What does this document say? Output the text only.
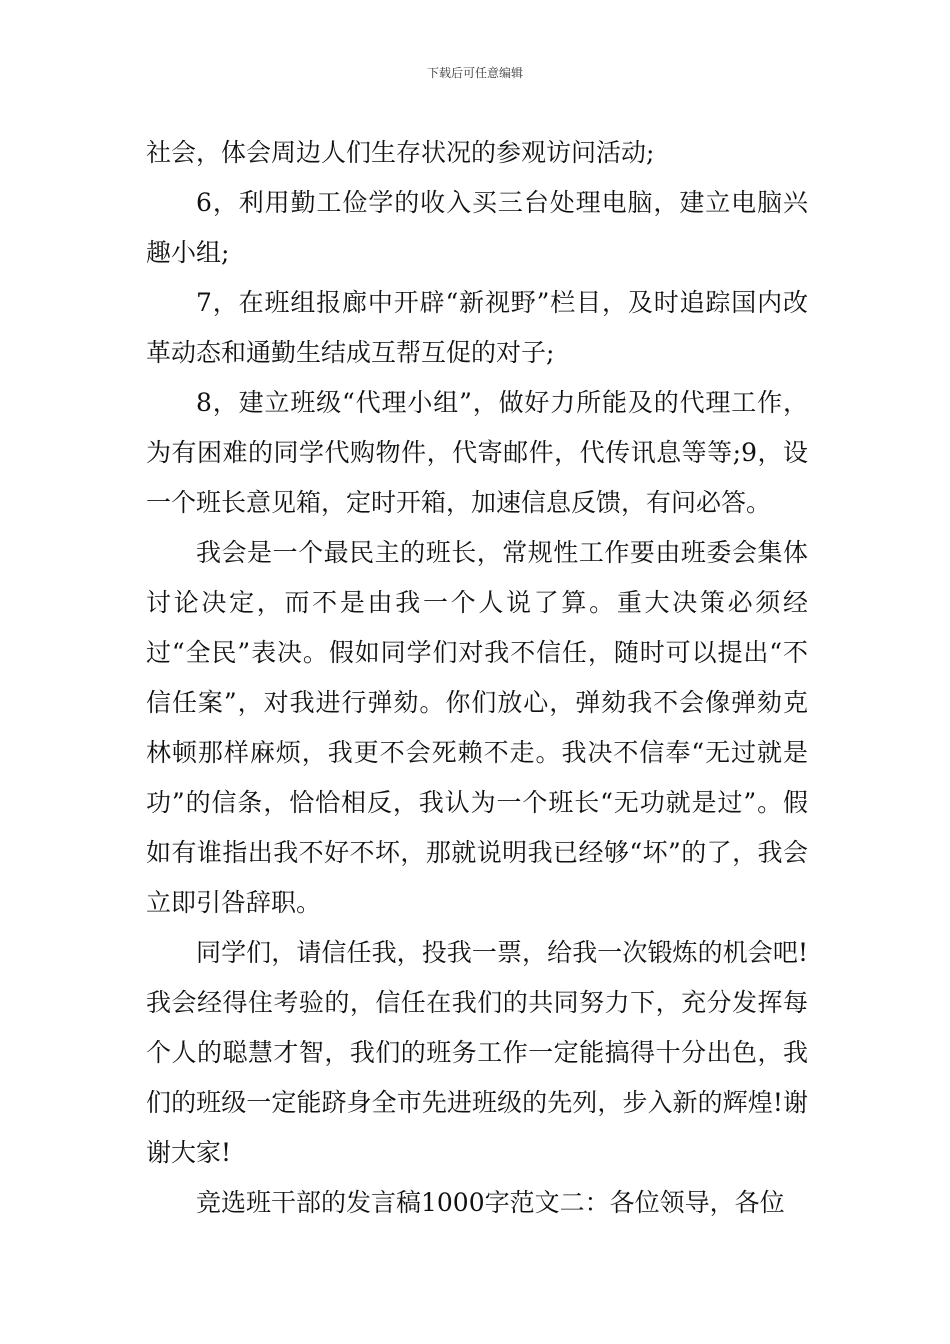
下载后可任意编辑

社会，体会周边人们生存状况的参观访问活动;

6，利用勤工俭学的收入买三台处理电脑，建立电脑兴趣小组;

7，在班组报廊中开辟“新视野”栏目，及时追踪国内改革动态和通勤生结成互帮互促的对子;

8，建立班级“代理小组”，做好力所能及的代理工作，为有困难的同学代购物件，代寄邮件，代传讯息等等;9，设一个班长意见箱，定时开箱，加速信息反馈，有问必答。

我会是一个最民主的班长，常规性工作要由班委会集体讨论决定，而不是由我一个人说了算。重大决策必须经过“全民”表决。假如同学们对我不信任，随时可以提出“不信任案”，对我进行弹劾。你们放心，弹劾我不会像弹劾克林顿那样麻烦，我更不会死赖不走。我决不信奉“无过就是功”的信条，恰恰相反，我认为一个班长“无功就是过”。假如有谁指出我不好不坏，那就说明我已经够“坏”的了，我会立即引咎辞职。

同学们，请信任我，投我一票，给我一次锻炼的机会吧!我会经得住考验的，信任在我们的共同努力下，充分发挥每个人的聪慧才智，我们的班务工作一定能搞得十分出色，我们的班级一定能跻身全市先进班级的先列，步入新的辉煌!谢谢大家!

竞选班干部的发言稿1000字范文二：各位领导，各位
